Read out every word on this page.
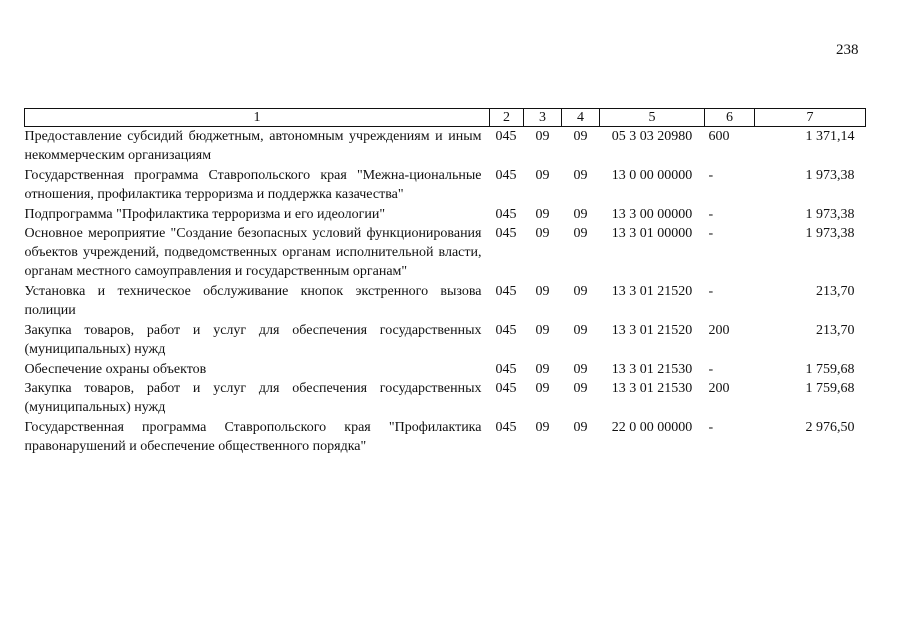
238
1	2	3	4	5	6	7
Предоставление субсидий бюджетным, автономным учреждениям и иным некоммерческим организациям	045	09	09	05 3 03 20980	600	1 371,14
Государственная программа Ставропольского края "Межна-циональные отношения, профилактика терроризма и поддержка казачества"	045	09	09	13 0 00 00000	-	1 973,38
Подпрограмма "Профилактика терроризма и его идеологии"	045	09	09	13 3 00 00000	-	1 973,38
Основное мероприятие "Создание безопасных условий функционирования объектов учреждений, подведомственных органам исполнительной власти, органам местного самоуправления и государственным органам"	045	09	09	13 3 01 00000	-	1 973,38
Установка и техническое обслуживание кнопок экстренного вызова полиции	045	09	09	13 3 01 21520	-	213,70
Закупка товаров, работ и услуг для обеспечения государственных (муниципальных) нужд	045	09	09	13 3 01 21520	200	213,70
Обеспечение охраны объектов	045	09	09	13 3 01 21530	-	1 759,68
Закупка товаров, работ и услуг для обеспечения государственных (муниципальных) нужд	045	09	09	13 3 01 21530	200	1 759,68
Государственная программа Ставропольского края "Профилактика правонарушений и обеспечение общественного порядка"	045	09	09	22 0 00 00000	-	2 976,50
